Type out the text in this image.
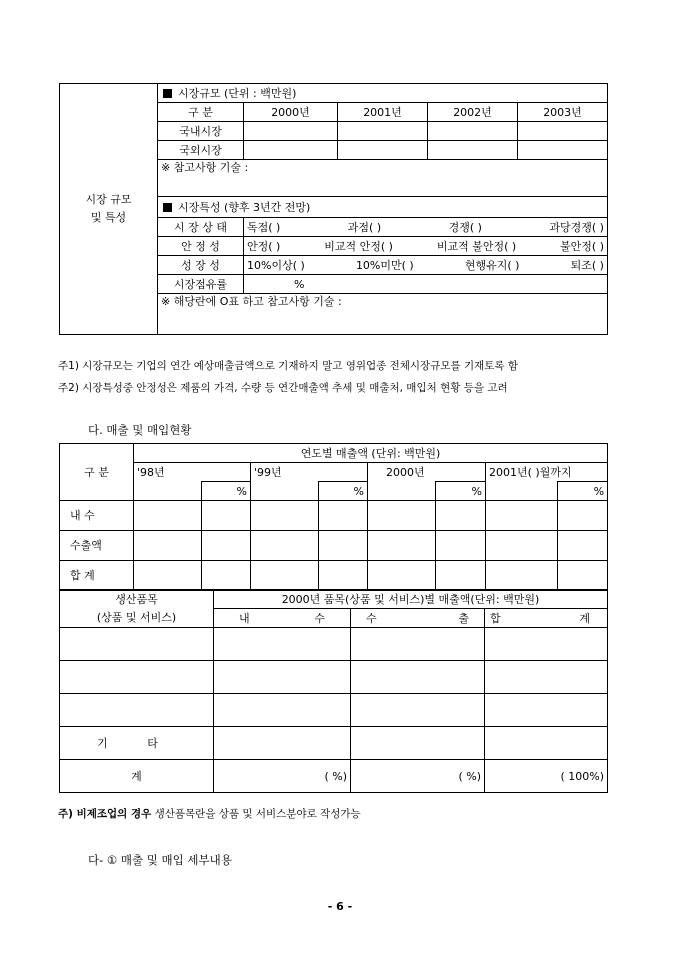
시장 규모
및 특성	시장규모 (단위 : 백만원)				
	구 분	2000년	2001년	2002년	2003년
	국내시장				
	국외시장				
	※ 참고사항 기술 :				
	시장특성 (향후 3년간 전망)				
	시 장 상 태	독점( ) 과점( ) 경쟁( ) 과당경쟁( )			

	안 정 성	안정( ) 비교적 안정( ) 비교적 불안정( ) 불안정( )			

	성 장 성	10%이상( ) 10%미만( ) 현행유지( ) 퇴조( )			

	시장점유률	%			
	※ 해당란에 O표 하고 참고사항 기술 :				
주1) 시장규모는 기업의 연간 예상매출금액으로 기재하지 말고 영위업종 전체시장규모를 기재토록 함
주2) 시장특성중 안정성은 제품의 가격, 수량 등 연간매출액 추세 및 매출처, 매입처 현황 등을 고려
다. 매출 및 매입현황
구 분	연도별 매출액 (단위: 백만원)							
	'98년		'99년		2000년		2001년( )월까지	
		%		%		%		%
내 수								
수출액								
합 계								
생산품목
(상품 및 서비스)	2000년 품목(상품 및 서비스)별 매출액(단위: 백만원)		

	내 수	수 출	합 계

기 타			
계	( %)	( %)	( 100%)
주) 비제조업의 경우 생산품목란을 상품 및 서비스분야로 작성가능
다- ① 매출 및 매입 세부내용
- 6 -
